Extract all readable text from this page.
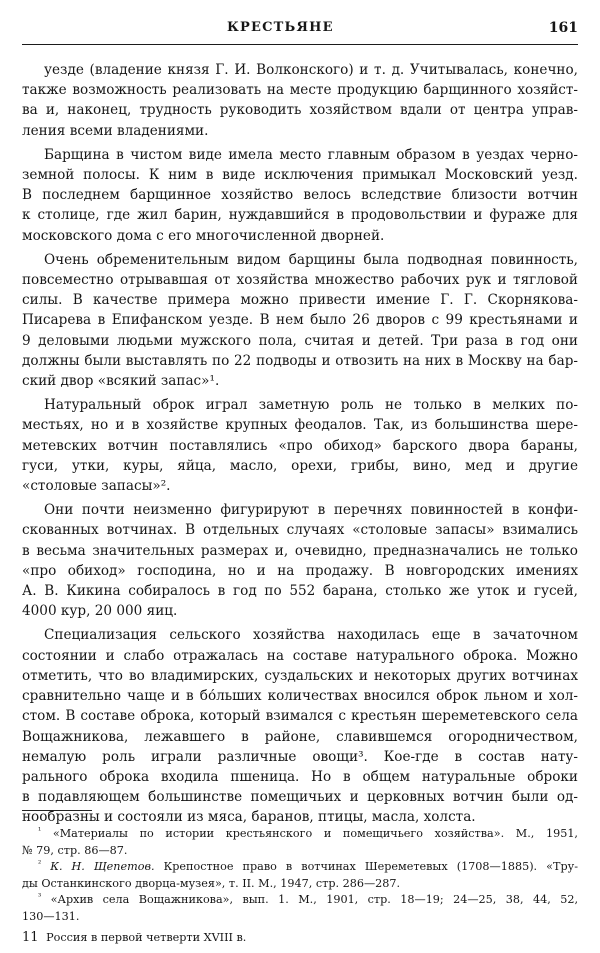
КРЕСТЬЯНЕ	161
уезде (владение князя Г. И. Волконского) и т. д. Учитывалась, конечно,
также возможность реализовать на месте продукцию барщинного хозяйст-
ва и, наконец, трудность руководить хозяйством вдали от центра управ-
ления всеми владениями.
Барщина в чистом виде имела место главным образом в уездах черно-
земной полосы. К ним в виде исключения примыкал Московский уезд.
В последнем барщинное хозяйство велось вследствие близости вотчин
к столице, где жил барин, нуждавшийся в продовольствии и фураже для
московского дома с его многочисленной дворней.
Очень обременительным видом барщины была подводная повинность,
повсеместно отрывавшая от хозяйства множество рабочих рук и тягловой
силы. В качестве примера можно привести имение Г. Г. Скорнякова-
Писарева в Епифанском уезде. В нем было 26 дворов с 99 крестьянами и
9 деловыми людьми мужского пола, считая и детей. Три раза в год они
должны были выставлять по 22 подводы и отвозить на них в Москву на бар-
ский двор «всякий запас»¹.
Натуральный оброк играл заметную роль не только в мелких по-
местьях, но и в хозяйстве крупных феодалов. Так, из большинства шере-
метевских вотчин поставлялись «про обиход» барского двора бараны,
гуси, утки, куры, яйца, масло, орехи, грибы, вино, мед и другие
«столовые запасы»².
Они почти неизменно фигурируют в перечнях повинностей в конфи-
скованных вотчинах. В отдельных случаях «столовые запасы» взимались
в весьма значительных размерах и, очевидно, предназначались не только
«про обиход» господина, но и на продажу. В новгородских имениях
А. В. Кикина собиралось в год по 552 барана, столько же уток и гусей,
4000 кур, 20 000 яиц.
Специализация сельского хозяйства находилась еще в зачаточном
состоянии и слабо отражалась на составе натурального оброка. Можно
отметить, что во владимирских, суздальских и некоторых других вотчинах
сравнительно чаще и в бо́льших количествах вносился оброк льном и хол-
стом. В составе оброка, который взимался с крестьян шереметевского села
Вощажникова, лежавшего в районе, славившемся огородничеством,
немалую роль играли различные овощи³. Кое-где в состав нату-
рального оброка входила пшеница. Но в общем натуральные оброки
в подавляющем большинстве помещичьих и церковных вотчин были од-
нообразны и состояли из мяса, баранов, птицы, масла, холста.
$^{^1}$ «Материалы по истории крестьянского и помещичьего хозяйства». М., 1951,
№ 79, стр. 86—87.
$^{^2}$ К. Н. Щепетов. Крепостное право в вотчинах Шереметевых (1708—1885). «Тру-
ды Останкинского дворца-музея», т. II. М., 1947, стр. 286—287.
$^{^3}$ «Архив села Вощажникова», вып. 1. М., 1901, стр. 18—19; 24—25, 38, 44, 52,
130—131.
11 Россия в первой четверти XVIII в.
